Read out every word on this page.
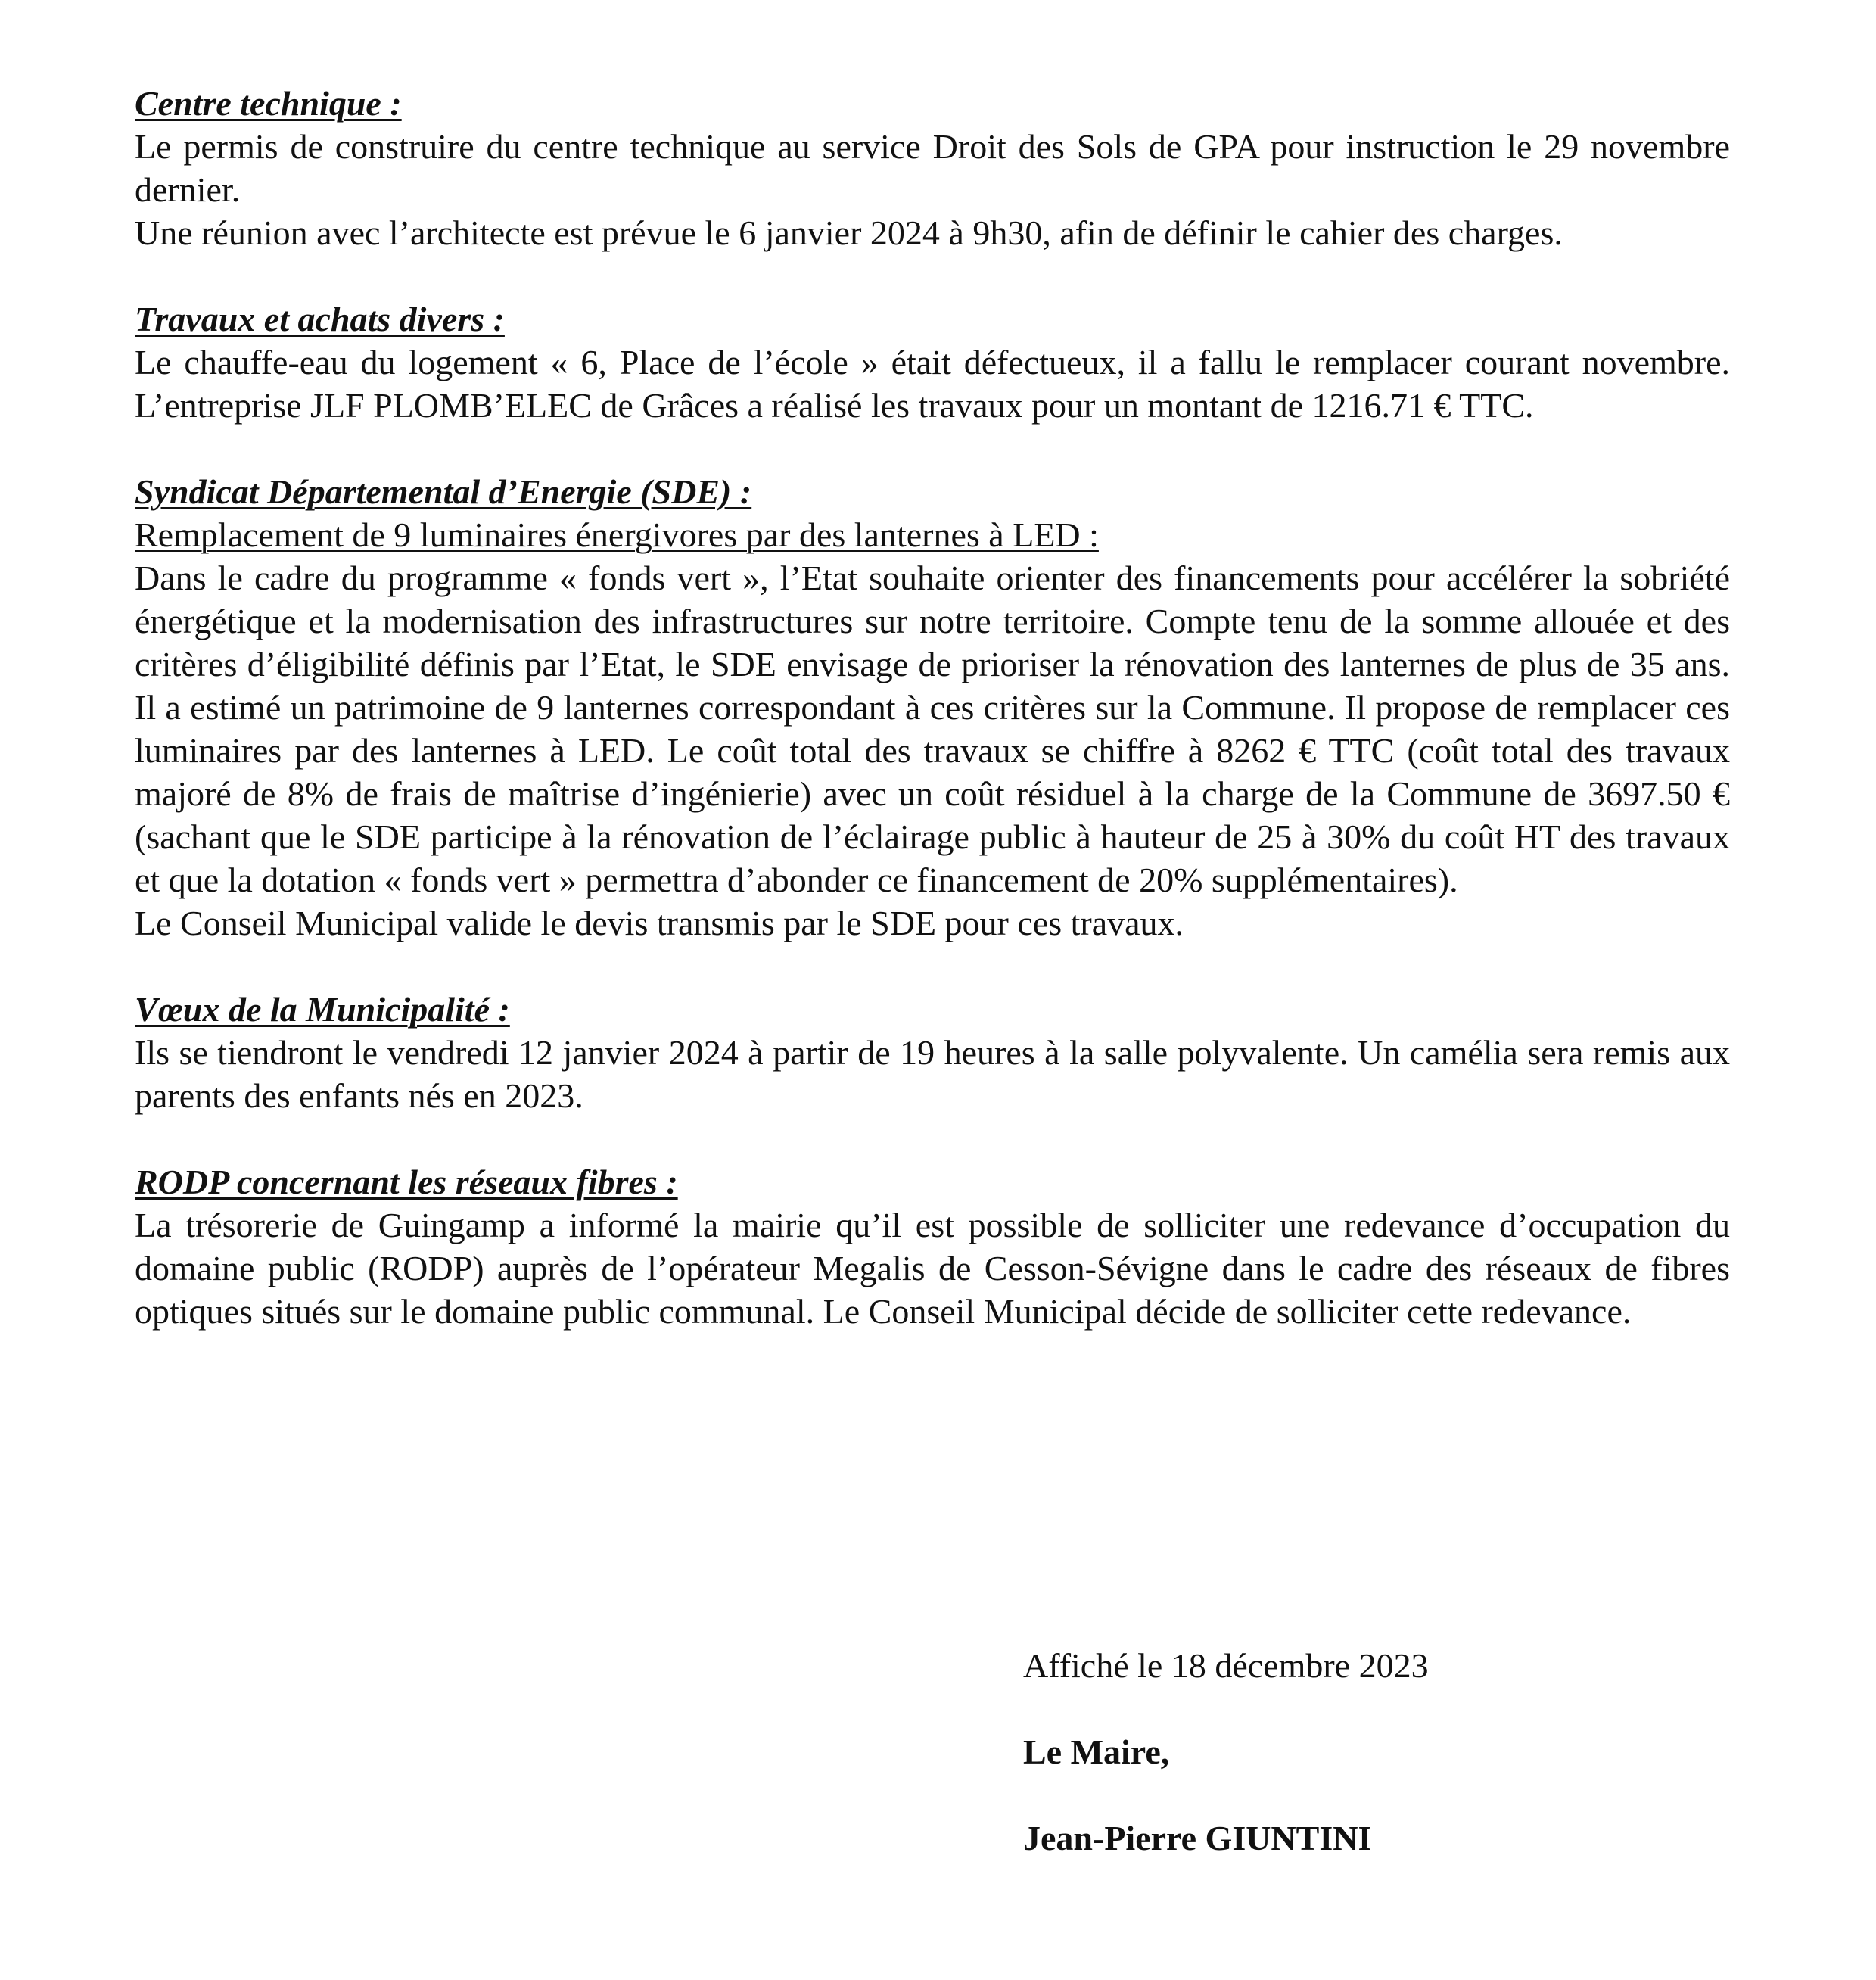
Centre technique :

Le permis de construire du centre technique au service Droit des Sols de GPA pour instruction le 29 novembre dernier.

Une réunion avec l’architecte est prévue le 6 janvier 2024 à 9h30, afin de définir le cahier des charges.

Travaux et achats divers :

Le chauffe-eau du logement « 6, Place de l’école » était défectueux, il a fallu le remplacer courant novembre. L’entreprise JLF PLOMB’ELEC de Grâces a réalisé les travaux pour un montant de 1216.71 € TTC.

Syndicat Départemental d’Energie (SDE) :
Remplacement de 9 luminaires énergivores par des lanternes à LED :

Dans le cadre du programme « fonds vert », l’Etat souhaite orienter des financements pour accélérer la sobriété énergétique et la modernisation des infrastructures sur notre territoire. Compte tenu de la somme allouée et des critères d’éligibilité définis par l’Etat, le SDE envisage de prioriser la rénovation des lanternes de plus de 35 ans. Il a estimé un patrimoine de 9 lanternes correspondant à ces critères sur la Commune. Il propose de remplacer ces luminaires par des lanternes à LED. Le coût total des travaux se chiffre à 8262 € TTC (coût total des travaux majoré de 8% de frais de maîtrise d’ingénierie) avec un coût résiduel à la charge de la Commune de 3697.50 € (sachant que le SDE participe à la rénovation de l’éclairage public à hauteur de 25 à 30% du coût HT des travaux et que la dotation « fonds vert » permettra d’abonder ce financement de 20% supplémentaires).

Le Conseil Municipal valide le devis transmis par le SDE pour ces travaux.

Vœux de la Municipalité :

Ils se tiendront le vendredi 12 janvier 2024 à partir de 19 heures à la salle polyvalente. Un camélia sera remis aux parents des enfants nés en 2023.

RODP concernant les réseaux fibres :

La trésorerie de Guingamp a informé la mairie qu’il est possible de solliciter une redevance d’occupation du domaine public (RODP) auprès de l’opérateur Megalis de Cesson-Sévigne dans le cadre des réseaux de fibres optiques situés sur le domaine public communal. Le Conseil Municipal décide de solliciter cette redevance.

Affiché le 18 décembre 2023
Le Maire,
Jean-Pierre GIUNTINI
